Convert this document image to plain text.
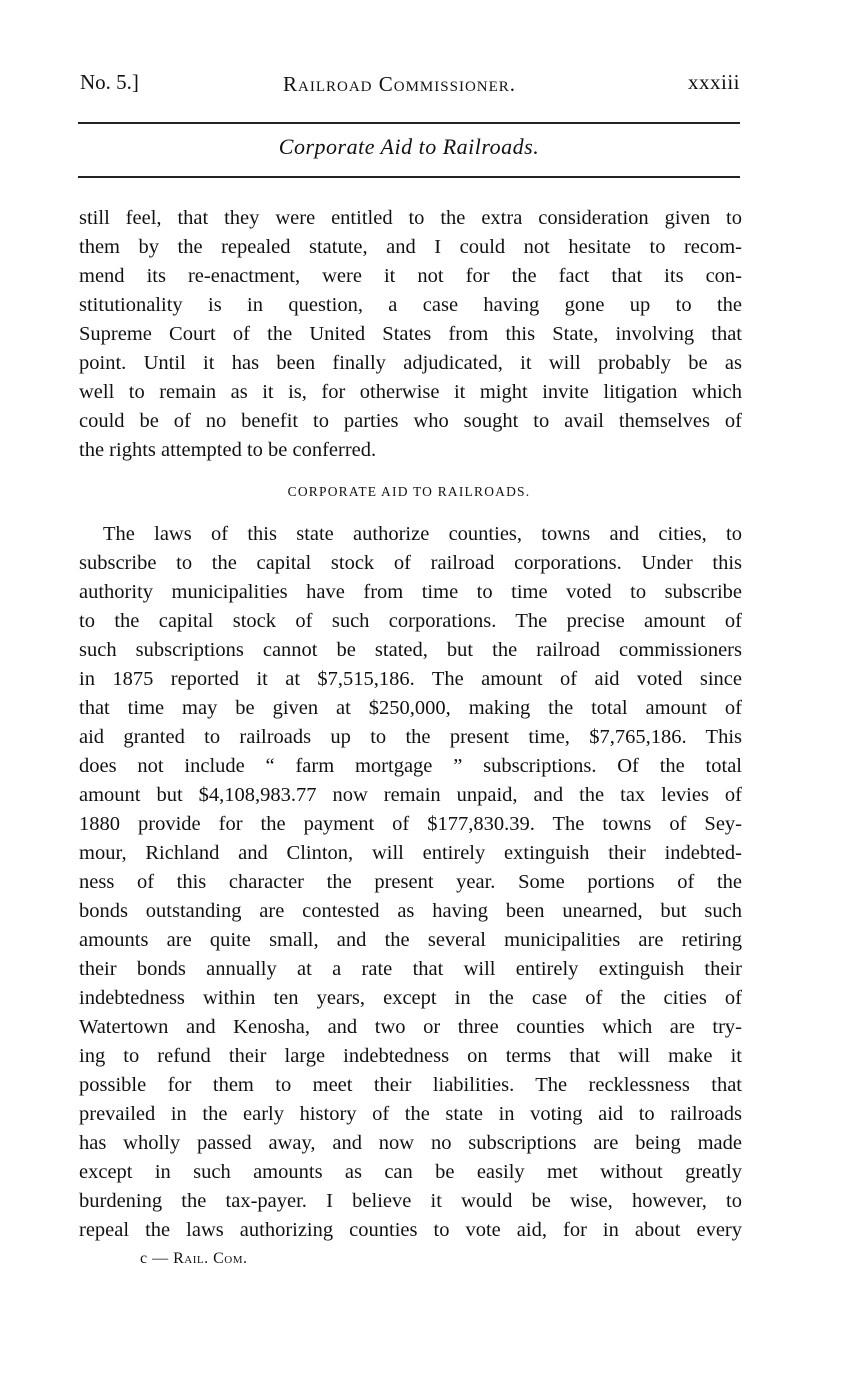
No. 5.]	Railroad Commissioner.	xxxiii
Corporate Aid to Railroads.
still feel, that they were entitled to the extra consideration given to
them by the repealed statute, and I could not hesitate to recom-
mend its re-enactment, were it not for the fact that its con-
stitutionality is in question, a case having gone up to the
Supreme Court of the United States from this State, involving that
point. Until it has been finally adjudicated, it will probably be as
well to remain as it is, for otherwise it might invite litigation which
could be of no benefit to parties who sought to avail themselves of
the rights attempted to be conferred.
CORPORATE AID TO RAILROADS.
The laws of this state authorize counties, towns and cities, to
subscribe to the capital stock of railroad corporations. Under this
authority municipalities have from time to time voted to subscribe
to the capital stock of such corporations. The precise amount of
such subscriptions cannot be stated, but the railroad commissioners
in 1875 reported it at $7,515,186. The amount of aid voted since
that time may be given at $250,000, making the total amount of
aid granted to railroads up to the present time, $7,765,186. This
does not include “ farm mortgage ” subscriptions. Of the total
amount but $4,108,983.77 now remain unpaid, and the tax levies of
1880 provide for the payment of $177,830.39. The towns of Sey-
mour, Richland and Clinton, will entirely extinguish their indebted-
ness of this character the present year. Some portions of the
bonds outstanding are contested as having been unearned, but such
amounts are quite small, and the several municipalities are retiring
their bonds annually at a rate that will entirely extinguish their
indebtedness within ten years, except in the case of the cities of
Watertown and Kenosha, and two or three counties which are try-
ing to refund their large indebtedness on terms that will make it
possible for them to meet their liabilities. The recklessness that
prevailed in the early history of the state in voting aid to railroads
has wholly passed away, and now no subscriptions are being made
except in such amounts as can be easily met without greatly
burdening the tax-payer. I believe it would be wise, however, to
repeal the laws authorizing counties to vote aid, for in about every
c — Rail. Com.
